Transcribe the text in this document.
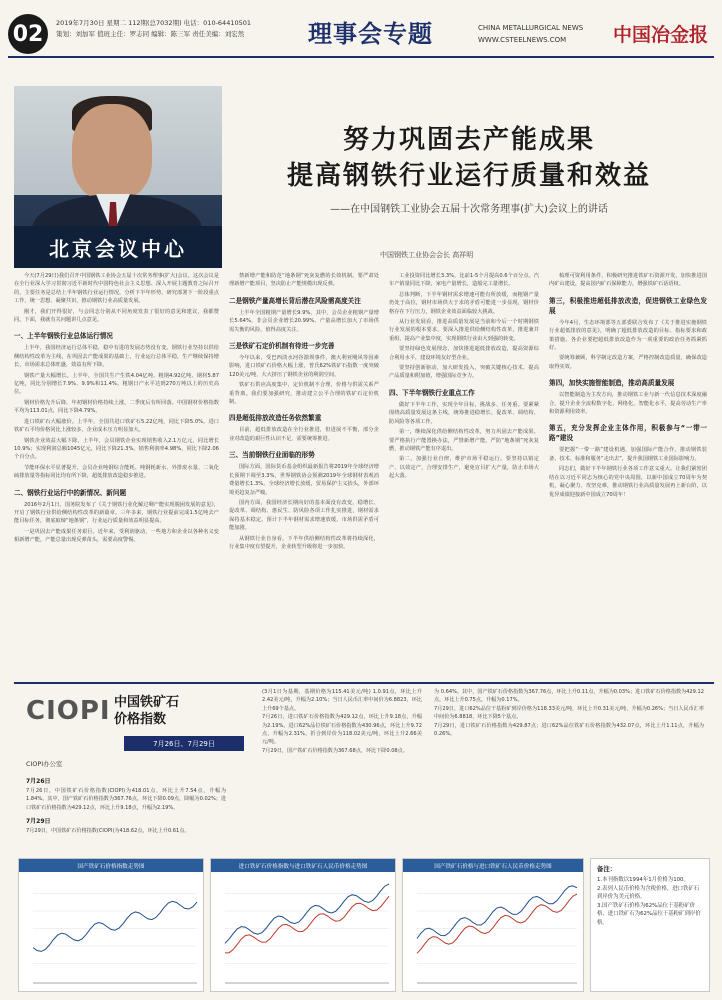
02	2019年7月30日 星期二 112期(总7032期) 电话：010-64410501
策划：刘加军 值班主任：罗志同 编辑：陈三军 责任美编：刘宏然	理事会专题	CHINA METALLURGICAL NEWS
WWW.CSTEELNEWS.COM	中国冶金报
北京会议中心
努力巩固去产能成果
提高钢铁行业运行质量和效益
——在中国钢铁工业协会五届十次常务理事(扩大)会议上的讲话
中国钢铁工业协会会长 高祥明
今天(7月29日)我们召开中国钢铁工业协会五届十次常务理事(扩大)会议。这次会议是在全行业深入学习贯彻习近平新时代中国特色社会主义思想、深入开展主题教育之际召开的，主要任务是总结上半年钢铁行业运行情况，分析下半年形势，研究部署下一阶段重点工作，统一思想、凝聚共识，推动钢铁行业高质量发展。
刚才，我们开得很好，与会同志分别从不同角度发表了很好的意见和建议，我都赞同。下面，我就有关问题讲几点意见。
一、上半年钢铁行业总体运行情况
上半年，我国经济运行总体平稳，稳中有进的发展态势没有变。钢铁行业坚持以供给侧结构性改革为主线，在巩固去产能成果的基础上，行业运行总体平稳，生产继续保持增长，市场需求总体旺盛，效益有所下降。
钢铁产量大幅增长。上半年，全国共生产生铁4.04亿吨、粗钢4.92亿吨、钢材5.87亿吨，同比分别增长7.9%、9.9%和11.4%。粗钢日产水平达到270万吨以上的历史高位。
钢材价格先升后降。年初钢材价格持续上涨，二季度后有所回落。中国钢材价格指数平均为113.01点，同比下降4.79%。
进口铁矿石大幅涨价。上半年，全国共进口铁矿石5.22亿吨，同比下降5.0%。进口铁矿石平均价格同比上涨较多，企业成本压力明显加大。
钢铁企业效益大幅下降。上半年，会员钢铁企业实现销售收入2.1万亿元，同比增长10.9%；实现利润总额1045亿元，同比下降21.3%。销售利润率4.98%，同比下降2.06个百分点。
节能环保水平显著提升。会员企业吨钢综合能耗、吨钢耗新水、外排废水量、二氧化硫排放量等指标同比均有所下降，超低排放改造稳步推进。
二、钢铁行业运行中的新情况、新问题
2016年2月1日，国务院发布了《关于钢铁行业化解过剩产能实现脱困发展的意见》，开启了钢铁行业供给侧结构性改革的新篇章。三年多来，钢铁行业提前完成1.5亿吨去产能目标任务，彻底取缔“地条钢”，行业运行质量和效益明显提高。
一是巩固去产能成果任务艰巨。近年来，受利润驱动，一些地方和企业以各种名义变相新增产能，产能总量出现反弹苗头，需要高度警惕。
禁新增产能和防范“地条钢”死灰复燃的长效机制。要严肃处理新增产能项目，坚决防止产能规模出现反弹。
二是钢铁产量高增长背后潜在风险需高度关注
上半年全国粗钢产量增长9.9%，其中，会员企业粗钢产量增长5.64%，非会员企业增长20.99%。产量高增长加大了市场供需失衡的风险，值得高度关注。
三是铁矿石定价机制有待进一步完善
今年以来，受巴西淡水河谷溃坝事件、澳大利亚飓风等因素影响，进口铁矿石价格大幅上涨，普氏62%铁矿石指数一度突破120美元/吨，大大挤压了钢铁企业的利润空间。
铁矿石供应高度集中，定价机制不合理，价格与供需关系严重背离。我们要加强研究，推动建立公平合理的铁矿石定价机制。
四是超低排放改造任务依然繁重
目前，超低排放改造在全行业推进，但进展不平衡，部分企业对改造的艰巨性认识不足，需要统筹推进。
三、当前钢铁行业面临的形势
国际方面，国际货币基金组织最新报告将2019年全球经济增长预期下调至3.3%，世界钢铁协会预测2019年全球钢材表观消费量增长1.3%。全球经济增长放缓，贸易保护主义抬头，外部环境更趋复杂严峻。
国内方面，我国经济长期向好的基本面没有改变，稳增长、促改革、调结构、惠民生、防风险各项工作扎实推进，钢材需求保持基本稳定。预计下半年钢材需求增速放缓，市场供需矛盾可能加剧。
从钢铁行业自身看，下半年供给侧结构性改革将持续深化，行业集中度有望提升，企业转型升级将进一步加快。
工业投资同比增长3.3%，比前1-5个月提高0.6个百分点。汽车产销量同比下降，家电产量增长，造船完工量增长。
总体判断，下半年钢材需求增速可能有所放缓，而粗钢产量仍处于高位，钢材市场供大于求的矛盾可能进一步显现，钢材价格存在下行压力，钢铁企业效益面临较大挑战。
从行业发展看，推进高质量发展是当前和今后一个时期钢铁行业发展的根本要求。要深入推进供给侧结构性改革，推进兼并重组，提高产业集中度，实现钢铁行业由大到强的转变。
要坚持绿色发展理念，加快推进超低排放改造，提高资源综合利用水平，建设环境友好型企业。
要坚持创新驱动，加大研发投入，突破关键核心技术，提高产品质量和附加值，增强国际竞争力。
四、下半年钢铁行业重点工作
做好下半年工作，实现全年目标，挑战多、任务重。要紧紧围绕高质量发展这条主线，统筹推进稳增长、促改革、调结构、防风险等各项工作。
第一，继续深化供给侧结构性改革，努力巩固去产能成果。要严格执行产能置换办法，严禁新增产能，严防“地条钢”死灰复燃，推动钢铁产能有序退出。
第二，加强行业自律，维护市场平稳运行。要坚持以销定产、以效定产，合理安排生产，避免盲目扩大产量，防止市场大起大落。
梳理可资利用条件，积极研究推进铁矿石资源开发，加快推进国内矿山建设，提高国内矿石保障能力，增强铁矿石话语权。
第三，积极推进超低排放改造，促进钢铁工业绿色发展
今年4月，生态环境部等五部委联合发布了《关于推进实施钢铁行业超低排放的意见》，明确了超低排放改造的目标、指标要求和政策措施。各企业要把超低排放改造作为一项重要的政治任务抓紧抓好。
要统筹兼顾，科学制定改造方案，严格控制改造质量，确保改造取得实效。
第四，加快实施智能制造，推动高质量发展
以智能制造为主攻方向，推动钢铁工业与新一代信息技术深度融合，提升企业全流程数字化、网络化、智能化水平，提高劳动生产率和资源利用效率。
第五，充分发挥企业主体作用，积极参与“一带一路”建设
要把握“一带一路”建设机遇，加强国际产能合作，推动钢铁装备、技术、标准和服务“走出去”，提升我国钢铁工业国际影响力。
同志们，做好下半年钢铁行业各项工作意义重大。让我们紧密团结在以习近平同志为核心的党中央周围，以新中国成立70周年为契机，凝心聚力、攻坚克难，推动钢铁行业高质量发展再上新台阶，以优异成绩迎接新中国成立70周年！
CIOPI 中国铁矿石
价格指数
7月26日、7月29日
CIOPI办公室
7月26日
7月26日，中国铁矿石价格指数(CIOPI)为418.01点，环比上升7.54点，升幅为1.84%。其中，国产铁矿石价格指数为367.76点，环比下降0.09点，降幅为0.02%；进口铁矿石价格指数为429.12点，环比上升9.18点，升幅为2.19%。
7月29日
7月29日，中国铁矿石价格指数(CIOPI)为418.62点，环比上升0.61点。
(3月1日为基期，基期价格为115.41美元/吨) 1.0.91点，环比上升2.42美元/吨，升幅为2.10%；当日人民币汇率中间价为6.8823，环比上升69个基点。
7月26日，进口铁矿石价格指数为429.12点，环比上升9.18点，升幅为2.19%。进口62%品位铁矿石价格指数为430.96点，环比上升9.72点，升幅为2.31%，折合到岸价为118.02美元/吨，环比上升2.66美元/吨。
7月29日，国产铁矿石价格指数为367.68点，环比下降0.08点。
为 0.64%。其中，国产铁矿石价格指数为367.76点，环比上升0.11点，升幅为0.03%；进口铁矿石价格指数为429.12点，环比上升0.75点，升幅为0.17%。
7月29日，进口62%品位干基粉矿到岸价格为118.33美元/吨，环比上升0.31美元/吨，升幅为0.26%；当日人民币汇率中间价为6.8818，环比下降5个基点。
7月29日，进口铁矿石价格指数为429.87点；进口62%品位铁矿石价格指数为432.07点，环比上升1.11点，升幅为0.26%。
国产铁矿石价格指数走势图	进口铁矿石价格指数与进口铁矿石人民币价格走势图	国产铁矿石价格与进口铁矿石人民币价格走势图	备注：
1.本刊指数以1994年1月价格为100。
2.表列人民币价格为含税价格，进口铁矿石到岸价为美元价格。
3.国产铁矿石价格为62%品位干基粉矿价格，进口铁矿石为62%品位干基粉矿到岸价格。
